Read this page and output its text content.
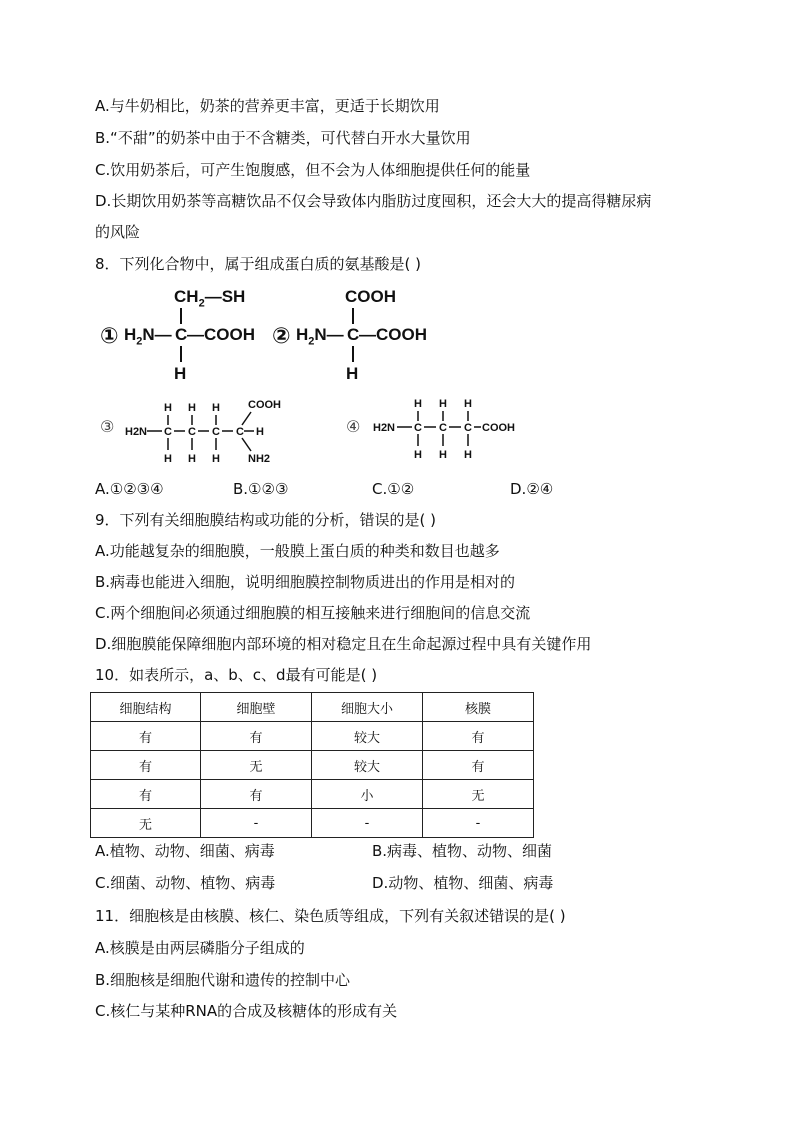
A.与牛奶相比，奶茶的营养更丰富，更适于长期饮用
B.“不甜”的奶茶中由于不含糖类，可代替白开水大量饮用
C.饮用奶茶后，可产生饱腹感，但不会为人体细胞提供任何的能量
D.长期饮用奶茶等高糖饮品不仅会导致体内脂肪过度囤积，还会大大的提高得糖尿病
的风险
8．下列化合物中，属于组成蛋白质的氨基酸是( )
①
$CH_2—SH$
$H_2N—$ C —COOH
H
②
COOH
$H_2N—$ C —COOH
H
③ H2N C
H
H
C
H
H
C
H
H
C H
COOH
NH2
④ H2N C
H
H
C
H
H
C
H
H
COOH
A.①②③④	B.①②③	C.①②	D.②④
9．下列有关细胞膜结构或功能的分析，错误的是( )
A.功能越复杂的细胞膜，一般膜上蛋白质的种类和数目也越多
B.病毒也能进入细胞，说明细胞膜控制物质进出的作用是相对的
C.两个细胞间必须通过细胞膜的相互接触来进行细胞间的信息交流
D.细胞膜能保障细胞内部环境的相对稳定且在生命起源过程中具有关键作用
10．如表所示，a、b、c、d最有可能是( )
细胞结构	细胞壁	细胞大小	核膜
有	有	较大	有
有	无	较大	有
有	有	小	无
无	-	-	-
A.植物、动物、细菌、病毒	B.病毒、植物、动物、细菌
C.细菌、动物、植物、病毒	D.动物、植物、细菌、病毒
11．细胞核是由核膜、核仁、染色质等组成，下列有关叙述错误的是( )
A.核膜是由两层磷脂分子组成的
B.细胞核是细胞代谢和遗传的控制中心
C.核仁与某种RNA的合成及核糖体的形成有关
